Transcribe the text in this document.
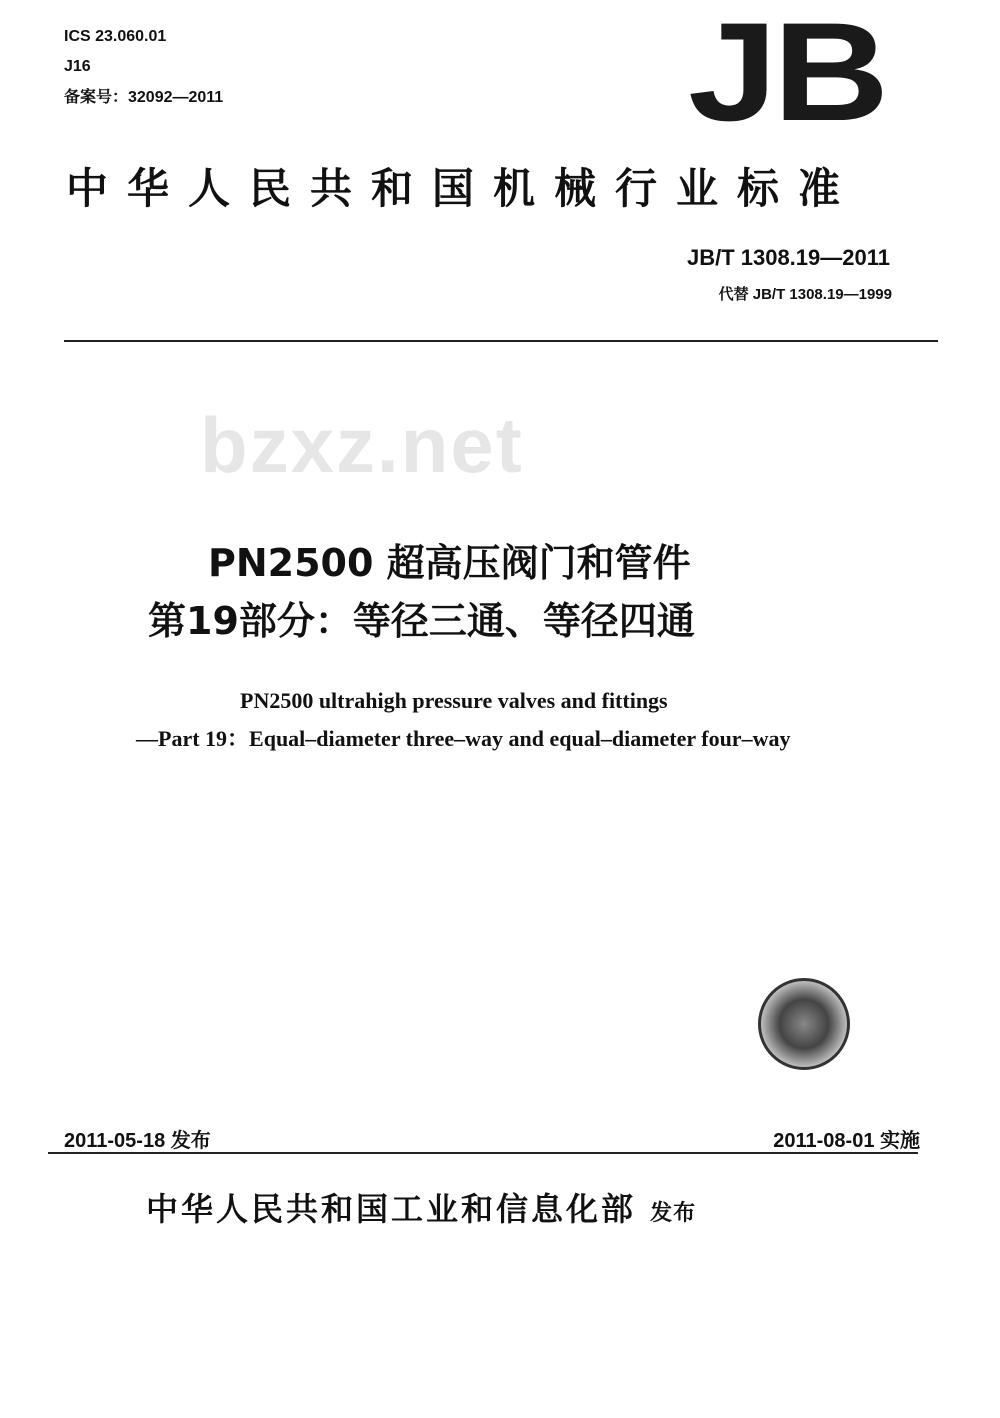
ICS 23.060.01
J16
备案号：32092—2011	JB
bzxz.net
中华人民共和国机械行业标准
JB/T 1308.19—2011
代替 JB/T 1308.19—1999
PN2500 超高压阀门和管件
第19部分：等径三通、等径四通
PN2500 ultrahigh pressure valves and fittings
—Part 19：Equal–diameter three–way and equal–diameter four–way
2011-05-18 发布	2011-08-01 实施
中华人民共和国工业和信息化部 发布
